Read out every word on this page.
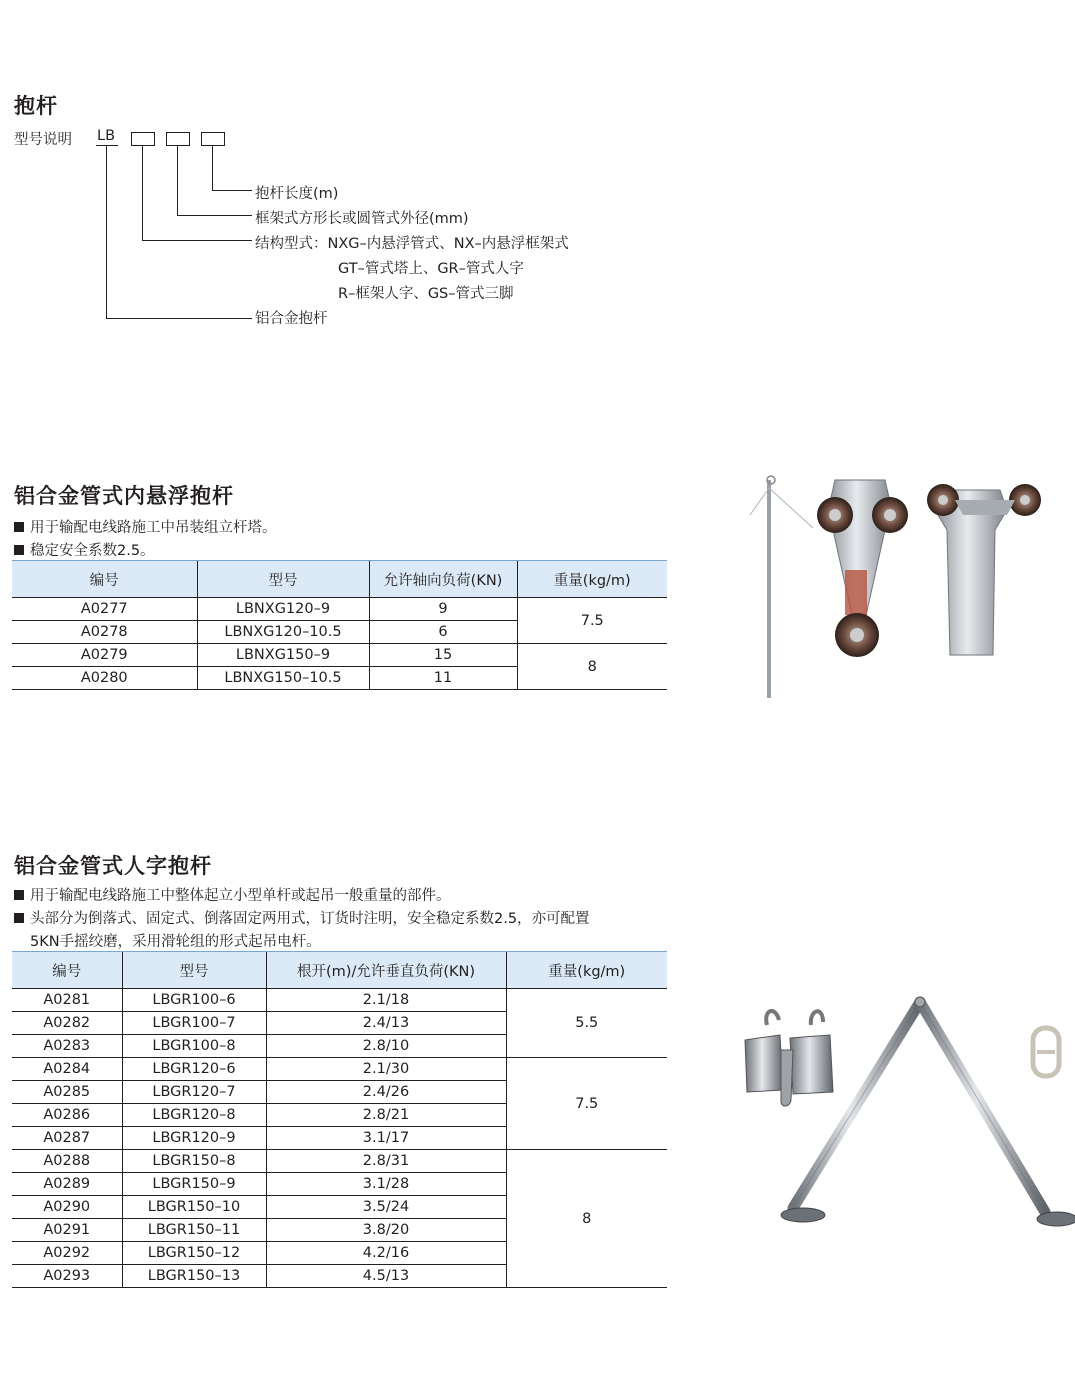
抱杆
型号说明 LB
抱杆长度(m)
框架式方形长或圆管式外径(mm)
结构型式：NXG–内悬浮管式、NX–内悬浮框架式
GT–管式塔上、GR–管式人字
R–框架人字、GS–管式三脚
铝合金抱杆
铝合金管式内悬浮抱杆
用于输配电线路施工中吊装组立杆塔。
稳定安全系数2.5。
编号	型号	允许轴向负荷(KN)	重量(kg/m)
A0277	LBNXG120–9	9	7.5
A0278	LBNXG120–10.5	6	
A0279	LBNXG150–9	15	8
A0280	LBNXG150–10.5	11	
铝合金管式人字抱杆
用于输配电线路施工中整体起立小型单杆或起吊一般重量的部件。
头部分为倒落式、固定式、倒落固定两用式，订货时注明，安全稳定系数2.5，亦可配置
5KN手摇绞磨，采用滑轮组的形式起吊电杆。
编号	型号	根开(m)/允许垂直负荷(KN)	重量(kg/m)
A0281	LBGR100–6	2.1/18	5.5
A0282	LBGR100–7	2.4/13	
A0283	LBGR100–8	2.8/10	
A0284	LBGR120–6	2.1/30	7.5
A0285	LBGR120–7	2.4/26	
A0286	LBGR120–8	2.8/21	
A0287	LBGR120–9	3.1/17	
A0288	LBGR150–8	2.8/31	8
A0289	LBGR150–9	3.1/28	
A0290	LBGR150–10	3.5/24	
A0291	LBGR150–11	3.8/20	
A0292	LBGR150–12	4.2/16	
A0293	LBGR150–13	4.5/13	
